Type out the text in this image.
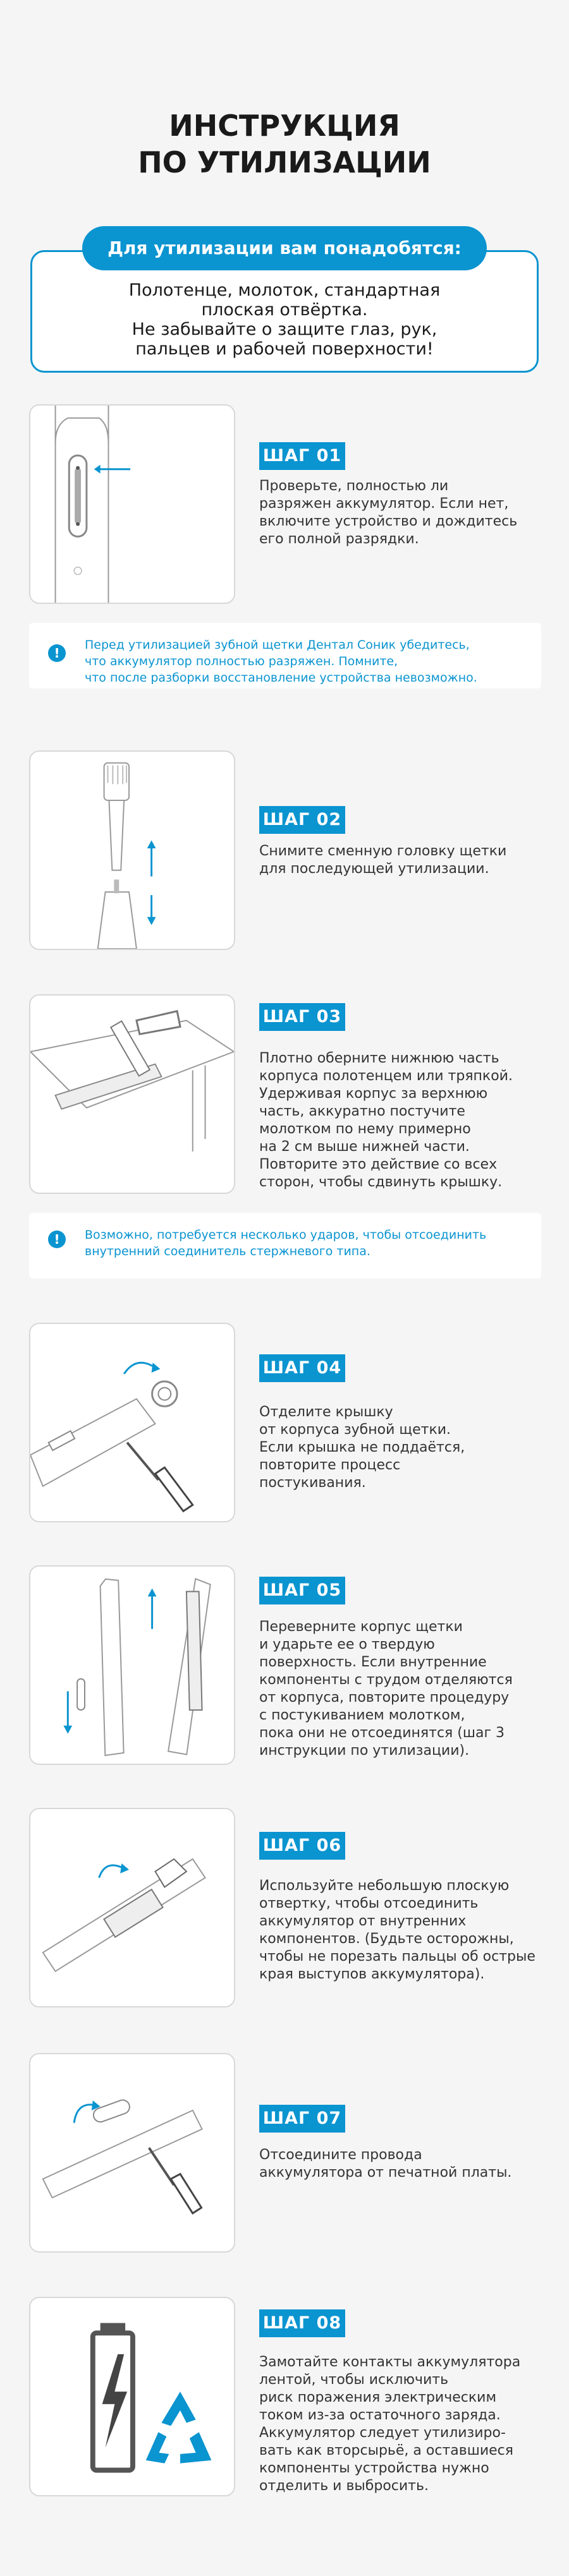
ИНСТРУКЦИЯ
ПО УТИЛИЗАЦИИ
Для утилизации вам понадобятся:
Полотенце, молоток, стандартная
плоская отвёртка.
Не забывайте о защите глаз, рук,
пальцев и рабочей поверхности!
ШАГ 01
Проверьте, полностью ли
разряжен аккумулятор. Если нет,
включите устройство и дождитесь
его полной разрядки.
!
Перед утилизацией зубной щетки Дентал Соник убедитесь,
что аккумулятор полностью разряжен. Помните,
что после разборки восстановление устройства невозможно.
ШАГ 02
Снимите сменную головку щетки
для последующей утилизации.
ШАГ 03
Плотно оберните нижнюю часть
корпуса полотенцем или тряпкой.
Удерживая корпус за верхнюю
часть, аккуратно постучите
молотком по нему примерно
на 2 см выше нижней части.
Повторите это действие со всех
сторон, чтобы сдвинуть крышку.
!	Возможно, потребуется несколько ударов, чтобы отсоединить
внутренний соединитель стержневого типа.
ШАГ 04
Отделите крышку
от корпуса зубной щетки.
Если крышка не поддаётся,
повторите процесс
постукивания.
ШАГ 05
Переверните корпус щетки
и ударьте ее о твердую
поверхность. Если внутренние
компоненты с трудом отделяются
от корпуса, повторите процедуру
с постукиванием молотком,
пока они не отсоединятся (шаг 3
инструкции по утилизации).
ШАГ 06
Используйте небольшую плоскую
отвертку, чтобы отсоединить
аккумулятор от внутренних
компонентов. (Будьте осторожны,
чтобы не порезать пальцы об острые
края выступов аккумулятора).
ШАГ 07
Отсоедините провода
аккумулятора от печатной платы.
ШАГ 08
Замотайте контакты аккумулятора
лентой, чтобы исключить
риск поражения электрическим
током из-за остаточного заряда.
Аккумулятор следует утилизиро-
вать как вторсырьё, а оставшиеся
компоненты устройства нужно
отделить и выбросить.
